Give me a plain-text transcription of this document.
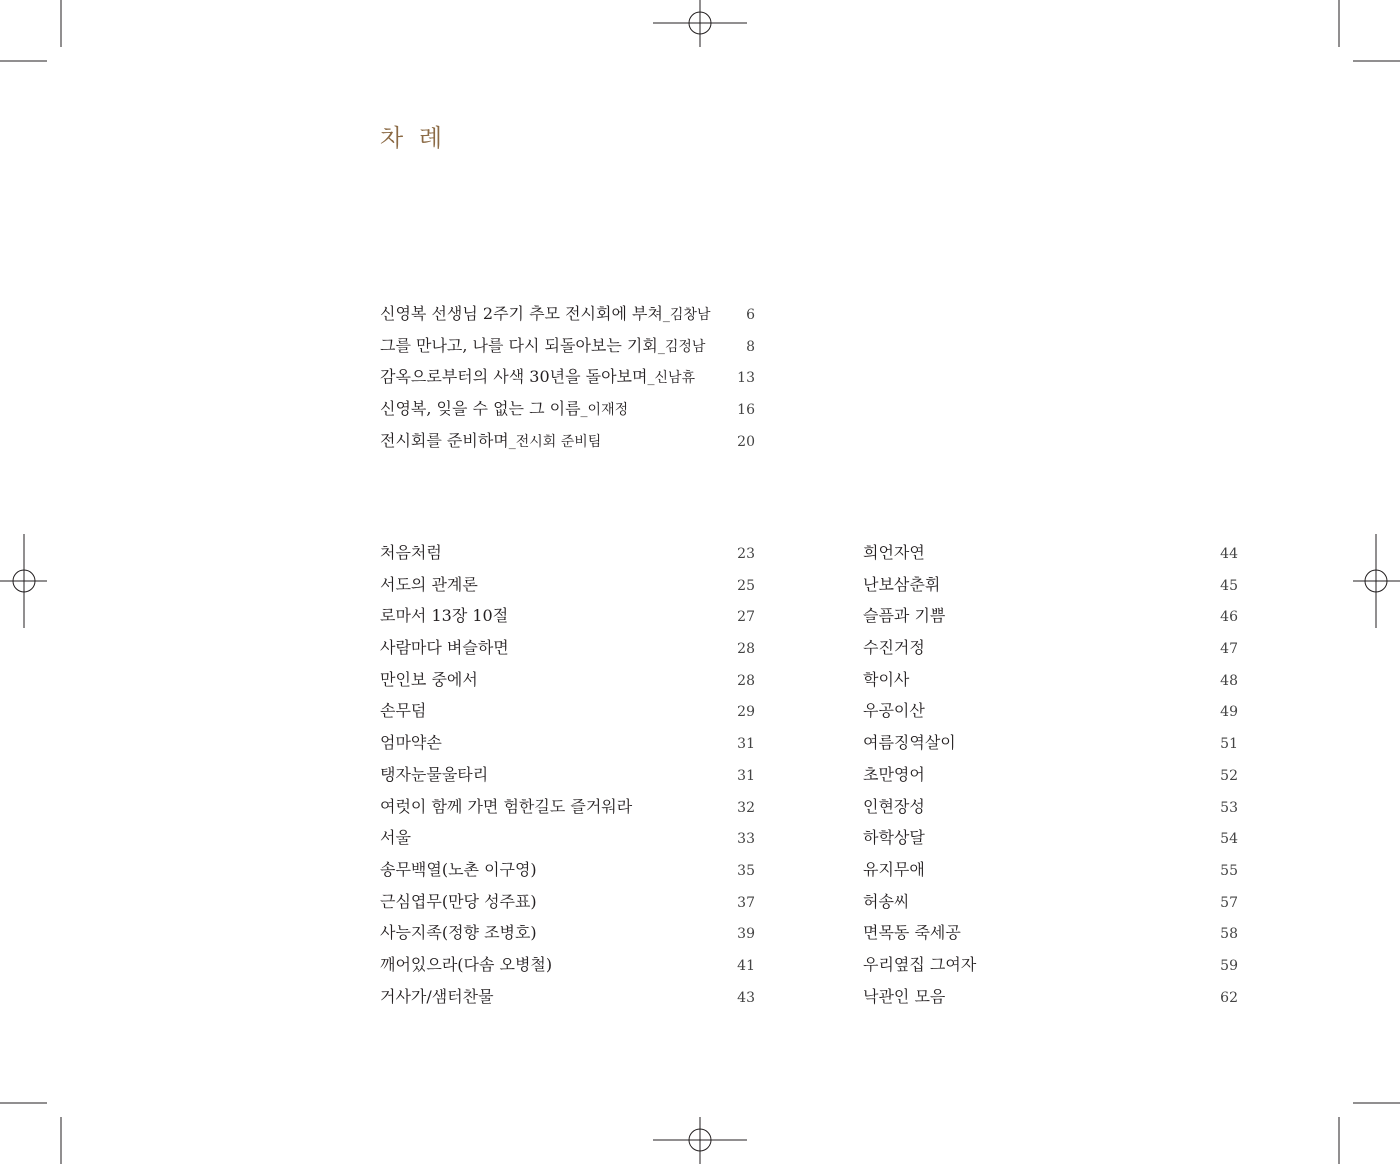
차 례
신영복 선생님 2주기 추모 전시회에 부쳐_김창남	6
그를 만나고, 나를 다시 되돌아보는 기회_김정남	8
감옥으로부터의 사색 30년을 돌아보며_신남휴	13
신영복, 잊을 수 없는 그 이름_이재정	16
전시회를 준비하며_전시회 준비팀	20
처음처럼	23
서도의 관계론	25
로마서 13장 10절	27
사람마다 벼슬하면	28
만인보 중에서	28
손무덤	29
엄마약손	31
탱자눈물울타리	31
여럿이 함께 가면 험한길도 즐거워라	32
서울	33
송무백열(노촌 이구영)	35
근심엽무(만당 성주표)	37
사능지족(정향 조병호)	39
깨어있으라(다솜 오병철)	41
거사가/샘터찬물	43
희언자연	44
난보삼춘휘	45
슬픔과 기쁨	46
수진거정	47
학이사	48
우공이산	49
여름징역살이	51
초만영어	52
인현장성	53
하학상달	54
유지무애	55
허송씨	57
면목동 죽세공	58
우리옆집 그여자	59
낙관인 모음	62
